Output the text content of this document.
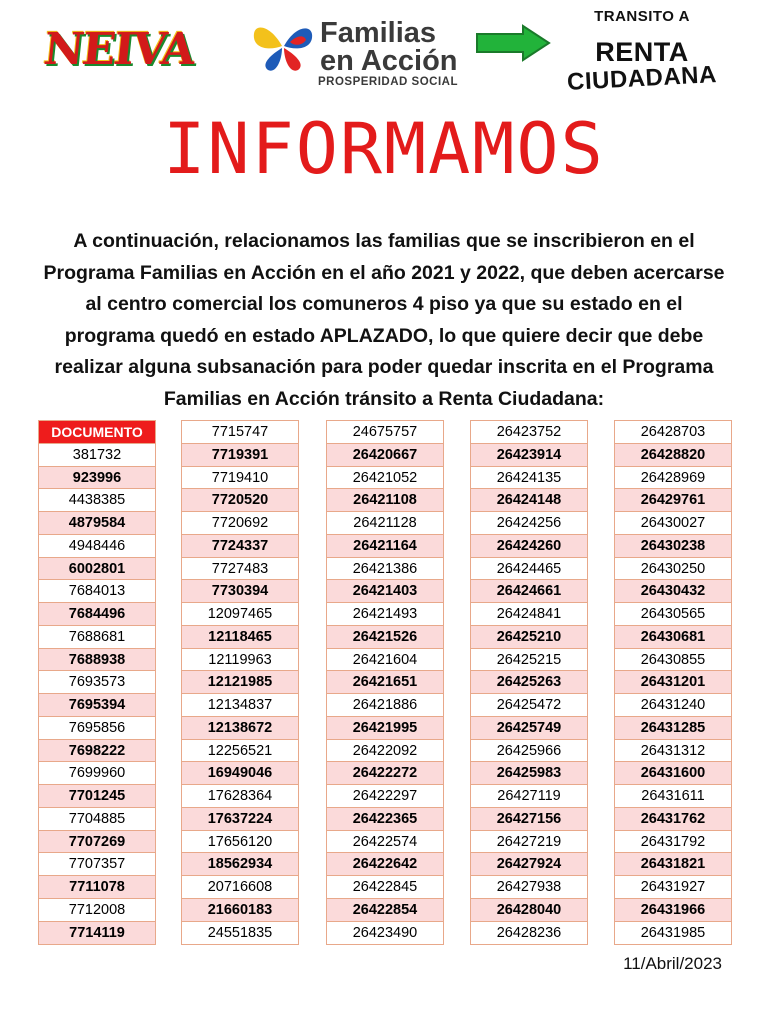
NEIVA	Familias
en Acción
PROSPERIDAD SOCIAL
TRANSITO A
RENTA
CIUDADANA
INFORMAMOS
A continuación, relacionamos las familias que se inscribieron en el Programa Familias en Acción en el año 2021 y 2022, que deben acercarse al centro comercial los comuneros 4 piso ya que su estado en el programa quedó en estado APLAZADO, lo que quiere decir que debe realizar alguna subsanación para poder quedar inscrita en el Programa Familias en Acción tránsito a Renta Ciudadana:
DOCUMENTO
381732
923996
4438385
4879584
4948446
6002801
7684013
7684496
7688681
7688938
7693573
7695394
7695856
7698222
7699960
7701245
7704885
7707269
7707357
7711078
7712008
7714119
7715747
7719391
7719410
7720520
7720692
7724337
7727483
7730394
12097465
12118465
12119963
12121985
12134837
12138672
12256521
16949046
17628364
17637224
17656120
18562934
20716608
21660183
24551835
24675757
26420667
26421052
26421108
26421128
26421164
26421386
26421403
26421493
26421526
26421604
26421651
26421886
26421995
26422092
26422272
26422297
26422365
26422574
26422642
26422845
26422854
26423490
26423752
26423914
26424135
26424148
26424256
26424260
26424465
26424661
26424841
26425210
26425215
26425263
26425472
26425749
26425966
26425983
26427119
26427156
26427219
26427924
26427938
26428040
26428236
26428703
26428820
26428969
26429761
26430027
26430238
26430250
26430432
26430565
26430681
26430855
26431201
26431240
26431285
26431312
26431600
26431611
26431762
26431792
26431821
26431927
26431966
26431985
11/Abril/2023
